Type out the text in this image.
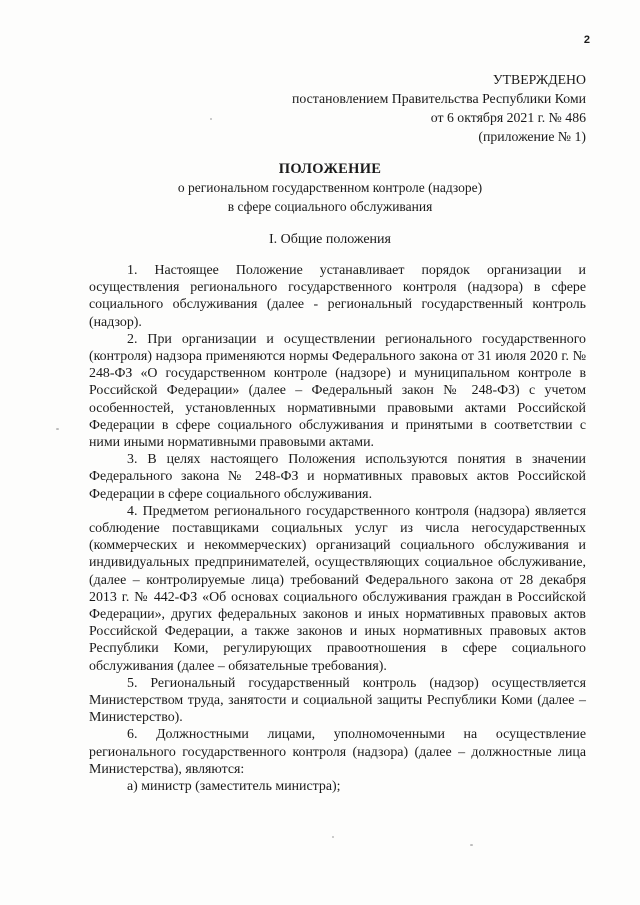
2
УТВЕРЖДЕНО
постановлением Правительства Республики Коми
от 6 октября 2021 г. № 486
(приложение № 1)
ПОЛОЖЕНИЕ
о региональном государственном контроле (надзоре)
в сфере социального обслуживания
I. Общие положения

1. Настоящее Положение устанавливает порядок организации и осуществления регионального государственного контроля (надзора) в сфере социального обслуживания (далее - региональный государственный контроль (надзор).

2. При организации и осуществлении регионального государственного (контроля) надзора применяются нормы Федерального закона от 31 июля 2020 г. № 248-ФЗ «О государственном контроле (надзоре) и муниципальном контроле в Российской Федерации» (далее – Федеральный закон № 248-ФЗ) с учетом особенностей, установленных нормативными правовыми актами Российской Федерации в сфере социального обслуживания и принятыми в соответствии с ними иными нормативными правовыми актами.

3. В целях настоящего Положения используются понятия в значении Федерального закона № 248-ФЗ и нормативных правовых актов Российской Федерации в сфере социального обслуживания.

4. Предметом регионального государственного контроля (надзора) является соблюдение поставщиками социальных услуг из числа негосударственных (коммерческих и некоммерческих) организаций социального обслуживания и индивидуальных предпринимателей, осуществляющих социальное обслуживание, (далее – контролируемые лица) требований Федерального закона от 28 декабря 2013 г. № 442-ФЗ «Об основах социального обслуживания граждан в Российской Федерации», других федеральных законов и иных нормативных правовых актов Российской Федерации, а также законов и иных нормативных правовых актов Республики Коми, регулирующих правоотношения в сфере социального обслуживания (далее – обязательные требования).

5. Региональный государственный контроль (надзор) осуществляется Министерством труда, занятости и социальной защиты Республики Коми (далее – Министерство).

6. Должностными лицами, уполномоченными на осуществление регионального государственного контроля (надзора) (далее – должностные лица Министерства), являются:

а) министр (заместитель министра);
